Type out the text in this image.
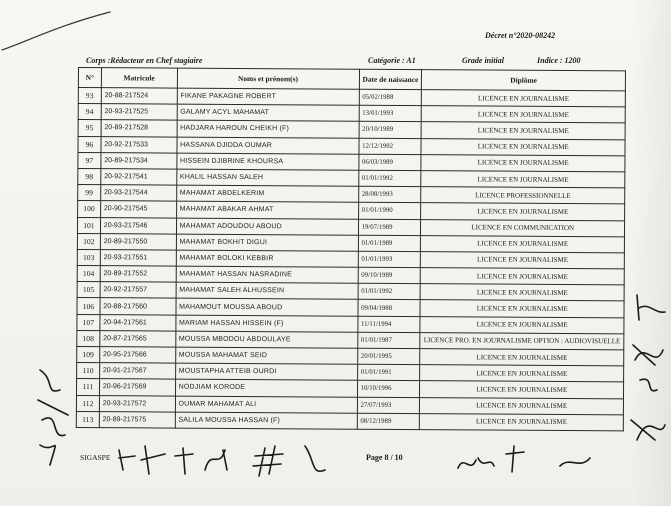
Décret n°2020-08242
Corps :Rédacteur en Chef stagiaire	Catégorie : A1	Grade initial	Indice : 1200
N°	Matricule	Noms et prénom(s)	Date de naissance	Diplôme
93	20-88-217524	FIKANE PAKAGNE ROBERT	05/02/1988	LICENCE EN JOURNALISME
94	20-93-217525	GALAMY ACYL MAHAMAT	13/01/1993	LICENCE EN JOURNALISME
95	20-89-217528	HADJARA HAROUN CHEIKH (F)	20/10/1989	LICENCE EN JOURNALISME
96	20-92-217533	HASSANA DJIDDA OUMAR	12/12/1992	LICENCE EN JOURNALISME
97	20-89-217534	HISSEIN DJIBRINE KHOURSA	06/03/1989	LICENCE EN JOURNALISME
98	20-92-217541	KHALIL HASSAN SALEH	01/01/1992	LICENCE EN JOURNALISME
99	20-93-217544	MAHAMAT ABDELKERIM	28/08/1993	LICENCE PROFESSIONNELLE
100	20-90-217545	MAHAMAT ABAKAR AHMAT	01/01/1990	LICENCE EN JOURNALISME
101	20-93-217546	MAHAMAT ADOUDOU ABOUD	19/07/1989	LICENCE EN COMMUNICATION
102	20-89-217550	MAHAMAT BOKHIT DIGUI	01/01/1989	LICENCE EN JOURNALISME
103	20-93-217551	MAHAMAT BOLOKI KEBBIR	01/01/1993	LICENCE EN JOURNALISME
104	20-89-217552	MAHAMAT HASSAN NASRADINE	09/10/1989	LICENCE EN JOURNALISME
105	20-92-217557	MAHAMAT SALEH ALHUSSEIN	01/01/1992	LICENCE EN JOURNALISME
106	20-88-217560	MAHAMOUT MOUSSA ABOUD	09/04/1988	LICENCE EN JOURNALISME
107	20-94-217561	MARIAM HASSAN HISSEIN (F)	11/11/1994	LICENCE EN JOURNALISME
108	20-87-217565	MOUSSA MBODOU ABDOULAYE	01/01/1987	LICENCE PRO. EN JOURNALISME OPTION : AUDIOVISUELLE
109	20-95-217566	MOUSSA MAHAMAT SEID	20/01/1995	LICENCE EN JOURNALISME
110	20-91-217567	MOUSTAPHA ATTEIB OURDI	01/01/1991	LICENCE EN JOURNALISME
111	20-96-217569	NODJIAM KORODE	10/10/1996	LICENCE EN JOURNALISME
112	20-93-217572	OUMAR MAHAMAT ALI	27/07/1993	LICENCE EN JOURNALISME
113	20-89-217575	SALILA MOUSSA HASSAN (F)	08/12/1989	LICENCE EN JOURNALISME
SIGASPE	Page 8 / 10
